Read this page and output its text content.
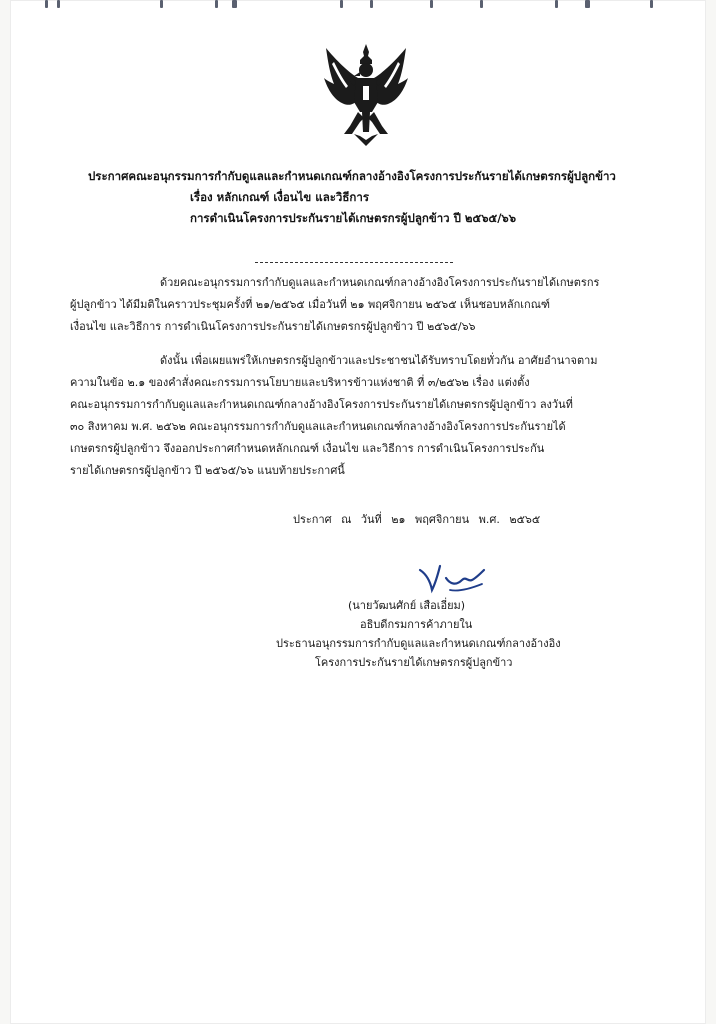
ประกาศคณะอนุกรรมการกำกับดูแลและกำหนดเกณฑ์กลางอ้างอิงโครงการประกันรายได้เกษตรกรผู้ปลูกข้าว
เรื่อง หลักเกณฑ์ เงื่อนไข และวิธีการ
การดำเนินโครงการประกันรายได้เกษตรกรผู้ปลูกข้าว ปี ๒๕๖๕/๖๖
ด้วยคณะอนุกรรมการกำกับดูแลและกำหนดเกณฑ์กลางอ้างอิงโครงการประกันรายได้เกษตรกร
ผู้ปลูกข้าว ได้มีมติในคราวประชุมครั้งที่ ๒๑/๒๕๖๕ เมื่อวันที่ ๒๑ พฤศจิกายน ๒๕๖๕ เห็นชอบหลักเกณฑ์
เงื่อนไข และวิธีการ การดำเนินโครงการประกันรายได้เกษตรกรผู้ปลูกข้าว ปี ๒๕๖๕/๖๖
ดังนั้น เพื่อเผยแพร่ให้เกษตรกรผู้ปลูกข้าวและประชาชนได้รับทราบโดยทั่วกัน อาศัยอำนาจตาม
ความในข้อ ๒.๑ ของคำสั่งคณะกรรมการนโยบายและบริหารข้าวแห่งชาติ ที่ ๓/๒๕๖๒ เรื่อง แต่งตั้ง
คณะอนุกรรมการกำกับดูแลและกำหนดเกณฑ์กลางอ้างอิงโครงการประกันรายได้เกษตรกรผู้ปลูกข้าว ลงวันที่
๓๐ สิงหาคม พ.ศ. ๒๕๖๒ คณะอนุกรรมการกำกับดูแลและกำหนดเกณฑ์กลางอ้างอิงโครงการประกันรายได้
เกษตรกรผู้ปลูกข้าว จึงออกประกาศกำหนดหลักเกณฑ์ เงื่อนไข และวิธีการ การดำเนินโครงการประกัน
รายได้เกษตรกรผู้ปลูกข้าว ปี ๒๕๖๕/๖๖ แนบท้ายประกาศนี้
ประกาศ ณ วันที่ ๒๑ พฤศจิกายน พ.ศ. ๒๕๖๕
(นายวัฒนศักย์ เสือเอี่ยม)
อธิบดีกรมการค้าภายใน
ประธานอนุกรรมการกำกับดูแลและกำหนดเกณฑ์กลางอ้างอิง
โครงการประกันรายได้เกษตรกรผู้ปลูกข้าว
